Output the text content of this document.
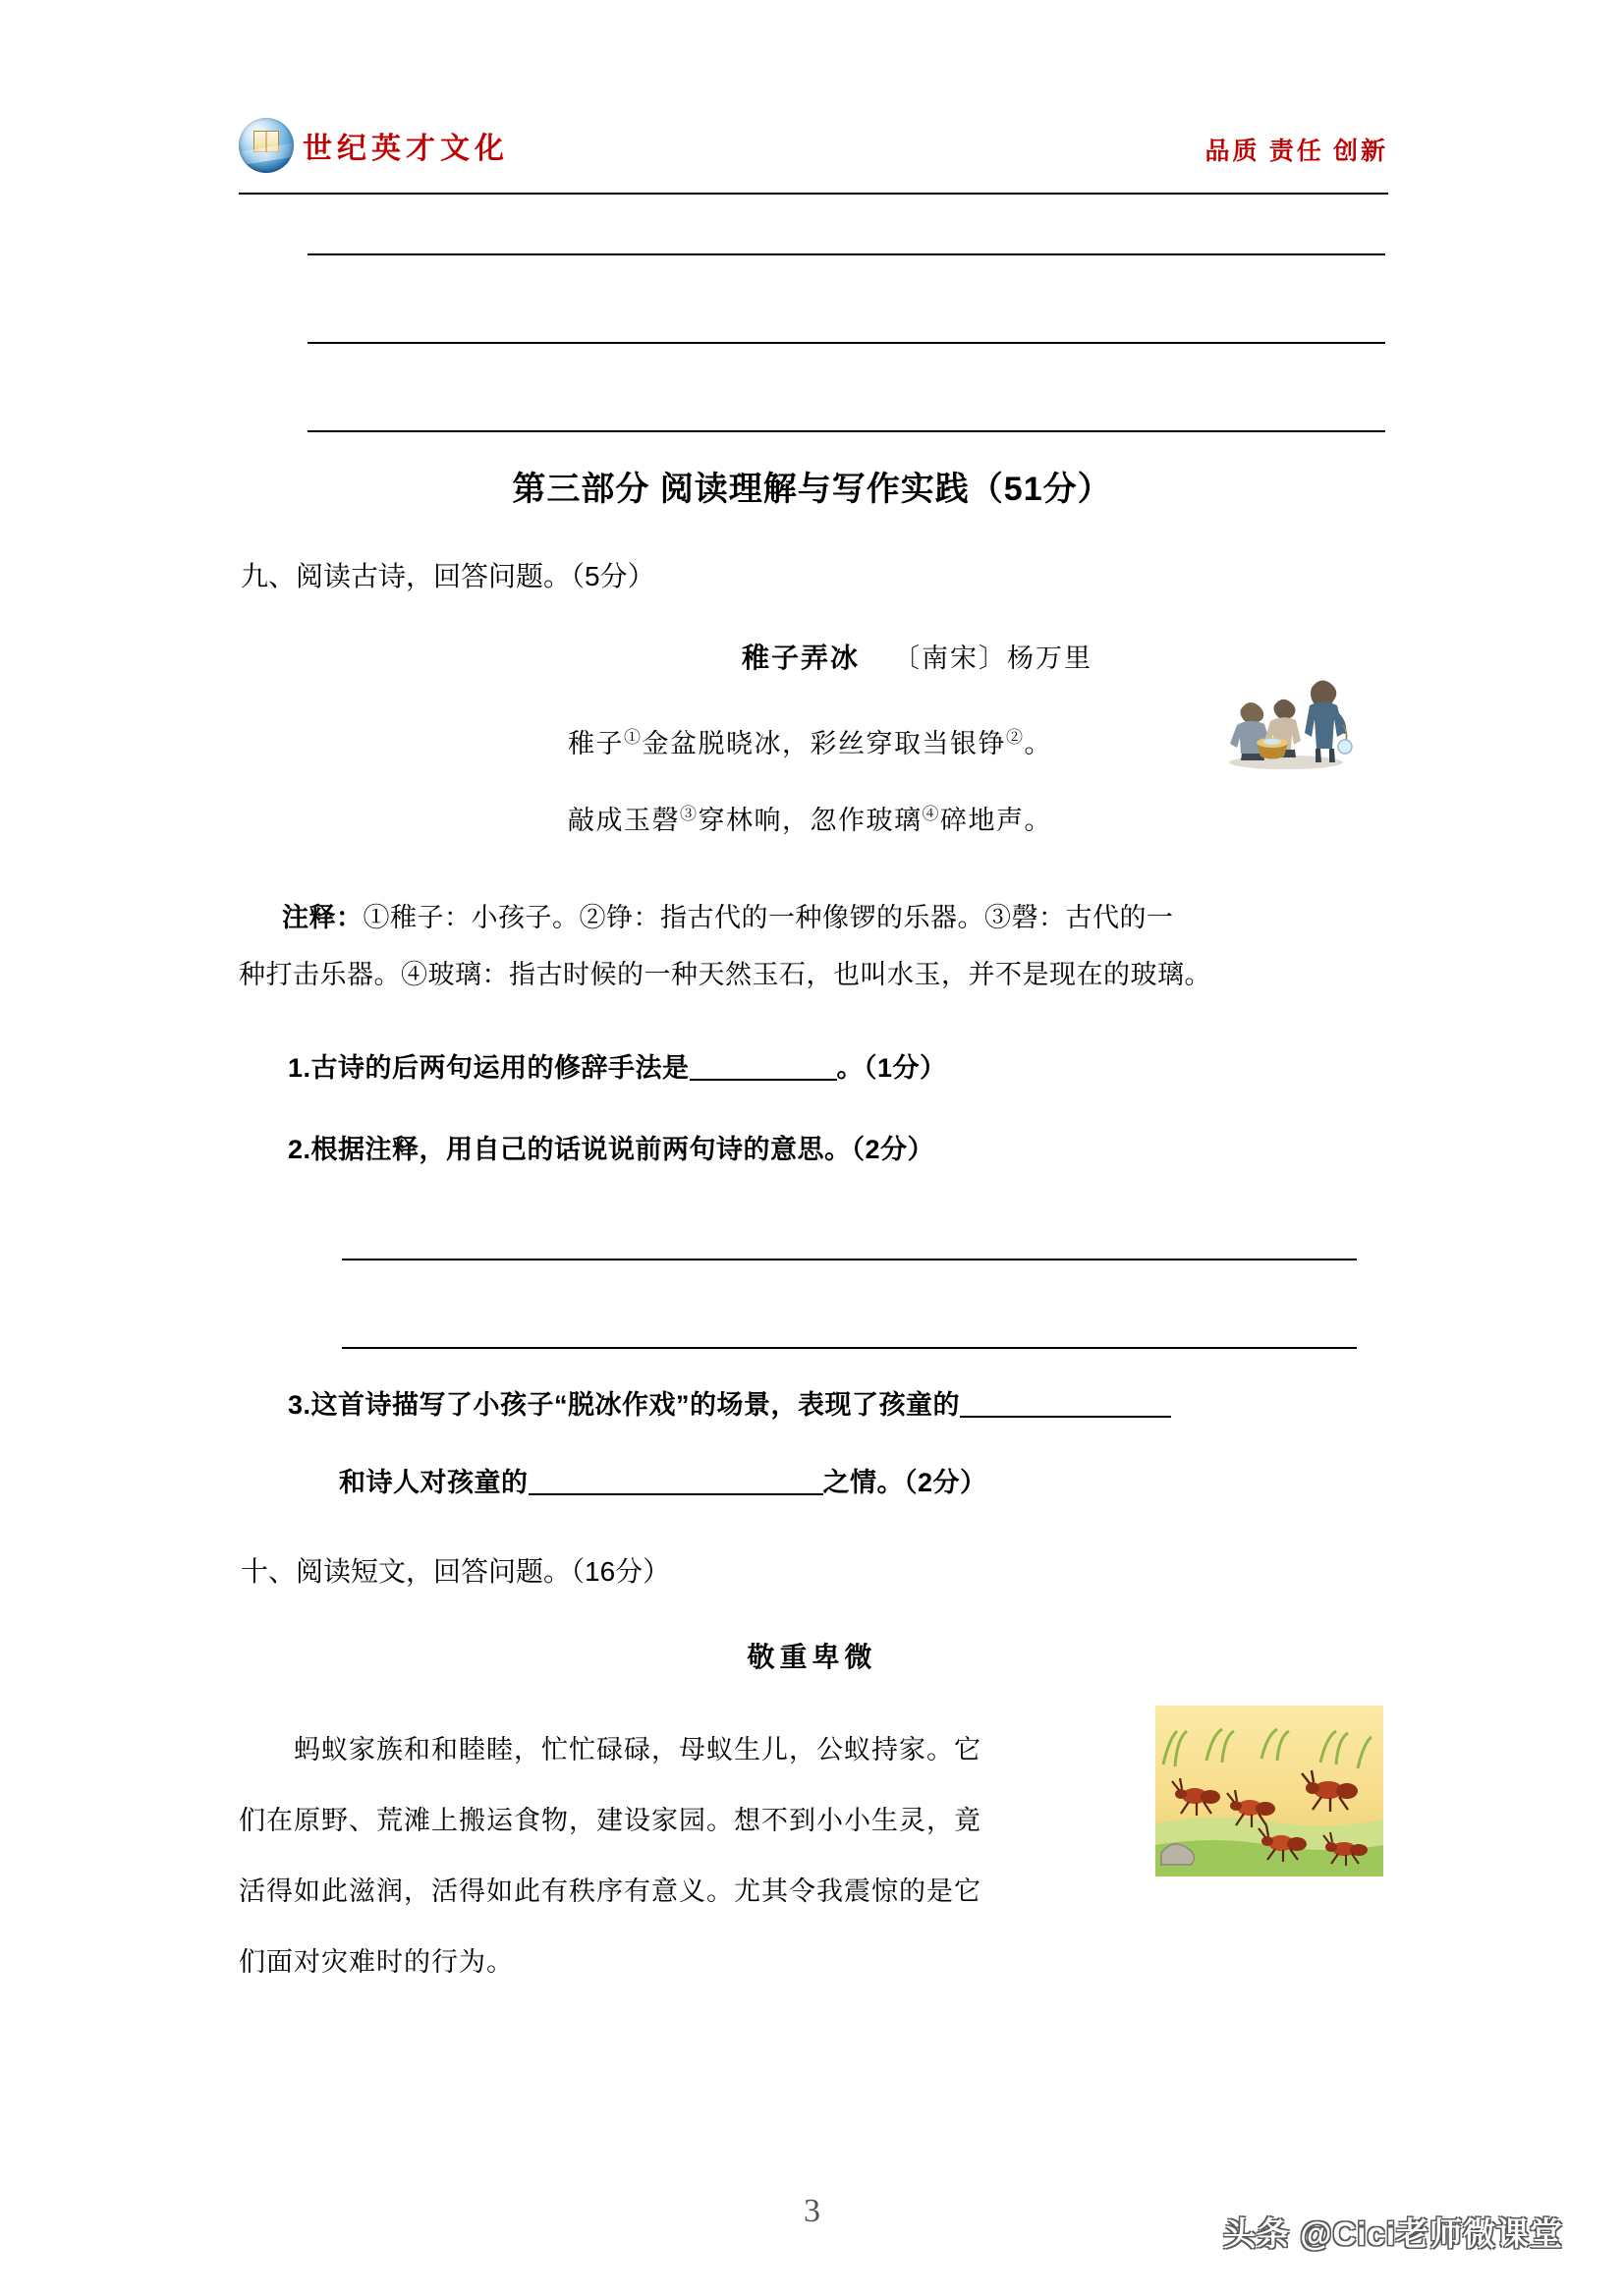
世纪英才文化	品质 责任 创新
第三部分 阅读理解与写作实践（51分）
九、阅读古诗，回答问题。（5分）
稚子弄冰 〔南宋〕杨万里
稚子①金盆脱晓冰，彩丝穿取当银铮②。
敲成玉磬③穿林响，忽作玻璃④碎地声。
注释：①稚子：小孩子。②铮：指古代的一种像锣的乐器。③磬：古代的一
种打击乐器。④玻璃：指古时候的一种天然玉石，也叫水玉，并不是现在的玻璃。
1.古诗的后两句运用的修辞手法是	。（1分）
2.根据注释，用自己的话说说前两句诗的意思。（2分）
3.这首诗描写了小孩子“脱冰作戏”的场景，表现了孩童的
和诗人对孩童的	之情。（2分）
十、阅读短文，回答问题。（16分）
敬重卑微
蚂蚁家族和和睦睦，忙忙碌碌，母蚁生儿，公蚁持家。它
们在原野、荒滩上搬运食物，建设家园。想不到小小生灵，竟
活得如此滋润，活得如此有秩序有意义。尤其令我震惊的是它
们面对灾难时的行为。
3
头条 @Cici老师微课堂
